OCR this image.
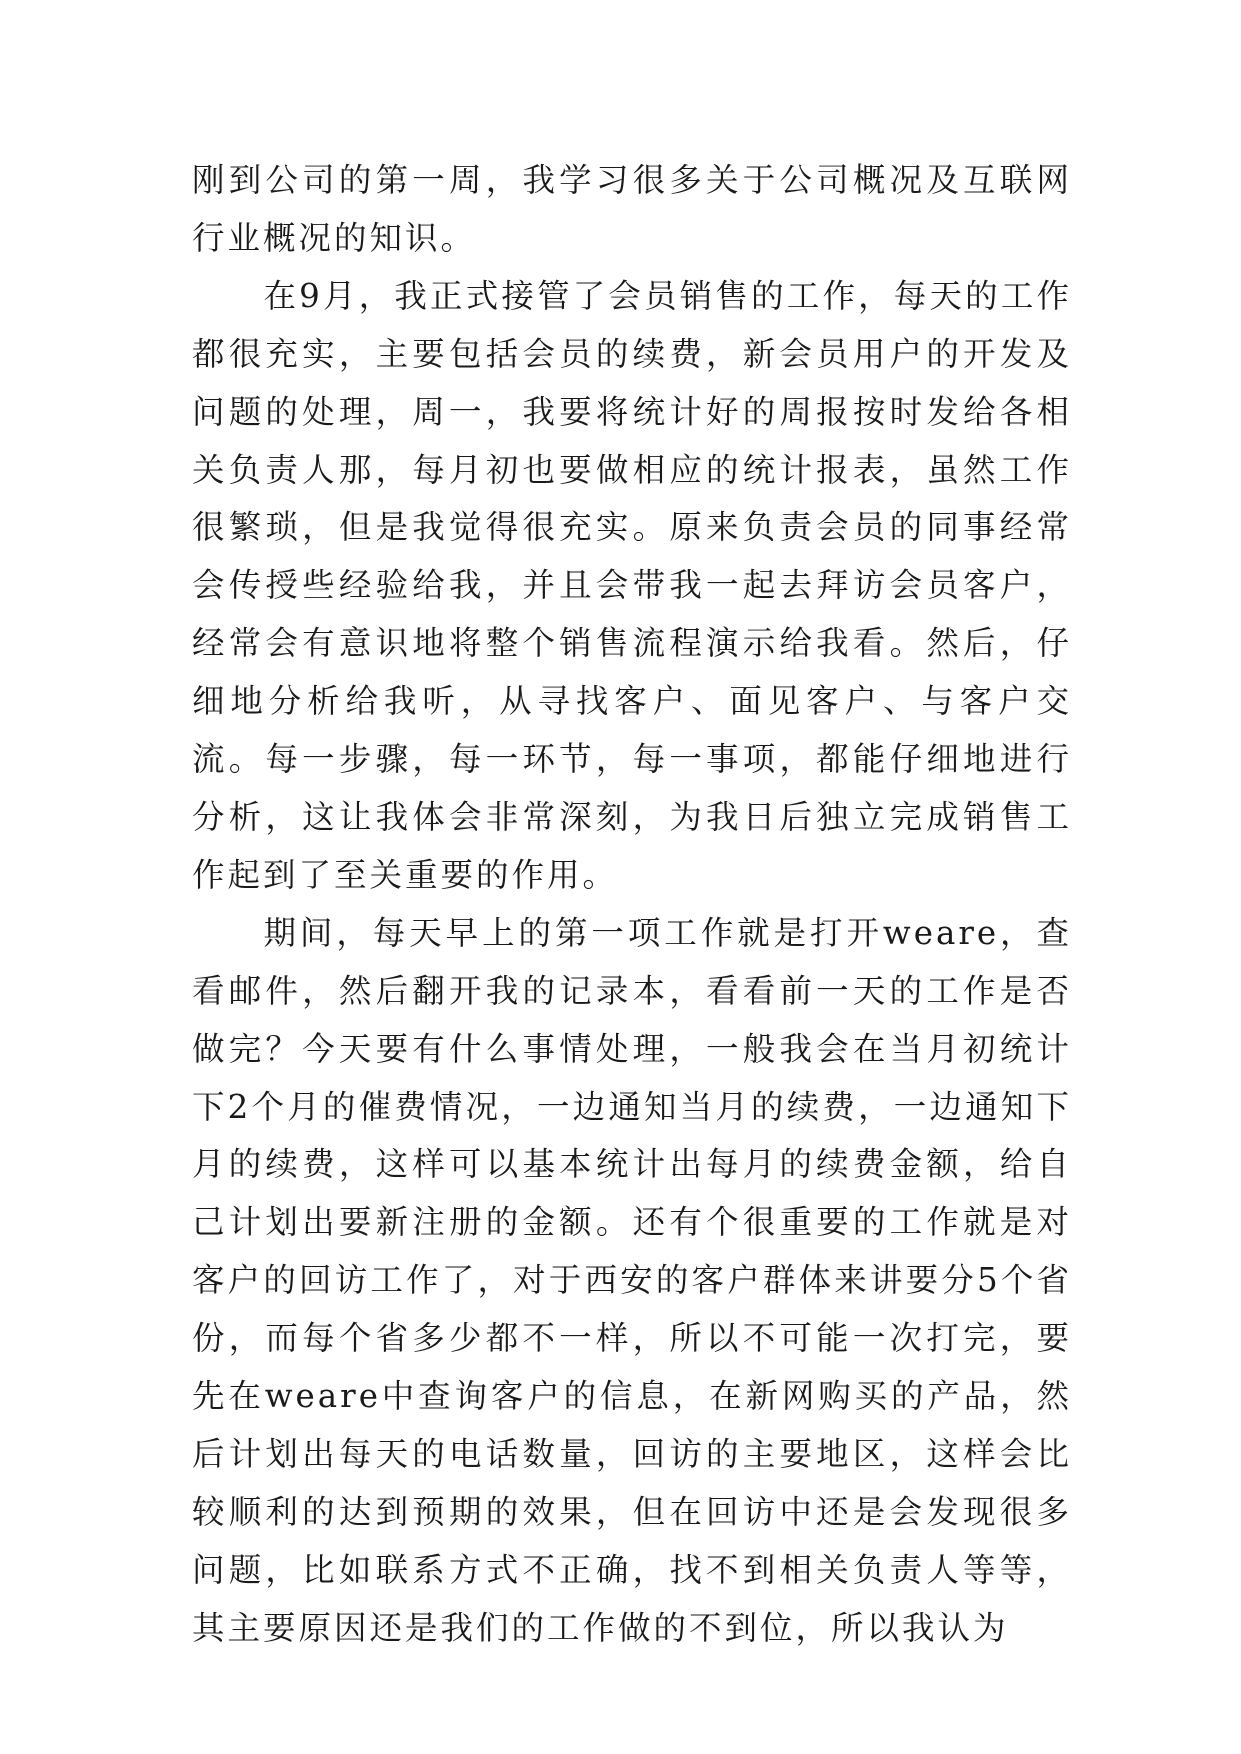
刚到公司的第一周，我学习很多关于公司概况及互联网行业概况的知识。

在9月，我正式接管了会员销售的工作，每天的工作都很充实，主要包括会员的续费，新会员用户的开发及问题的处理，周一，我要将统计好的周报按时发给各相关负责人那，每月初也要做相应的统计报表，虽然工作很繁琐，但是我觉得很充实。原来负责会员的同事经常会传授些经验给我，并且会带我一起去拜访会员客户，经常会有意识地将整个销售流程演示给我看。然后，仔细地分析给我听，从寻找客户、面见客户、与客户交流。每一步骤，每一环节，每一事项，都能仔细地进行分析，这让我体会非常深刻，为我日后独立完成销售工作起到了至关重要的作用。

期间，每天早上的第一项工作就是打开weare，查看邮件，然后翻开我的记录本，看看前一天的工作是否做完？今天要有什么事情处理，一般我会在当月初统计下2个月的催费情况，一边通知当月的续费，一边通知下月的续费，这样可以基本统计出每月的续费金额，给自己计划出要新注册的金额。还有个很重要的工作就是对客户的回访工作了，对于西安的客户群体来讲要分5个省份，而每个省多少都不一样，所以不可能一次打完，要先在weare中查询客户的信息，在新网购买的产品，然后计划出每天的电话数量，回访的主要地区，这样会比较顺利的达到预期的效果，但在回访中还是会发现很多问题，比如联系方式不正确，找不到相关负责人等等，其主要原因还是我们的工作做的不到位，所以我认为
